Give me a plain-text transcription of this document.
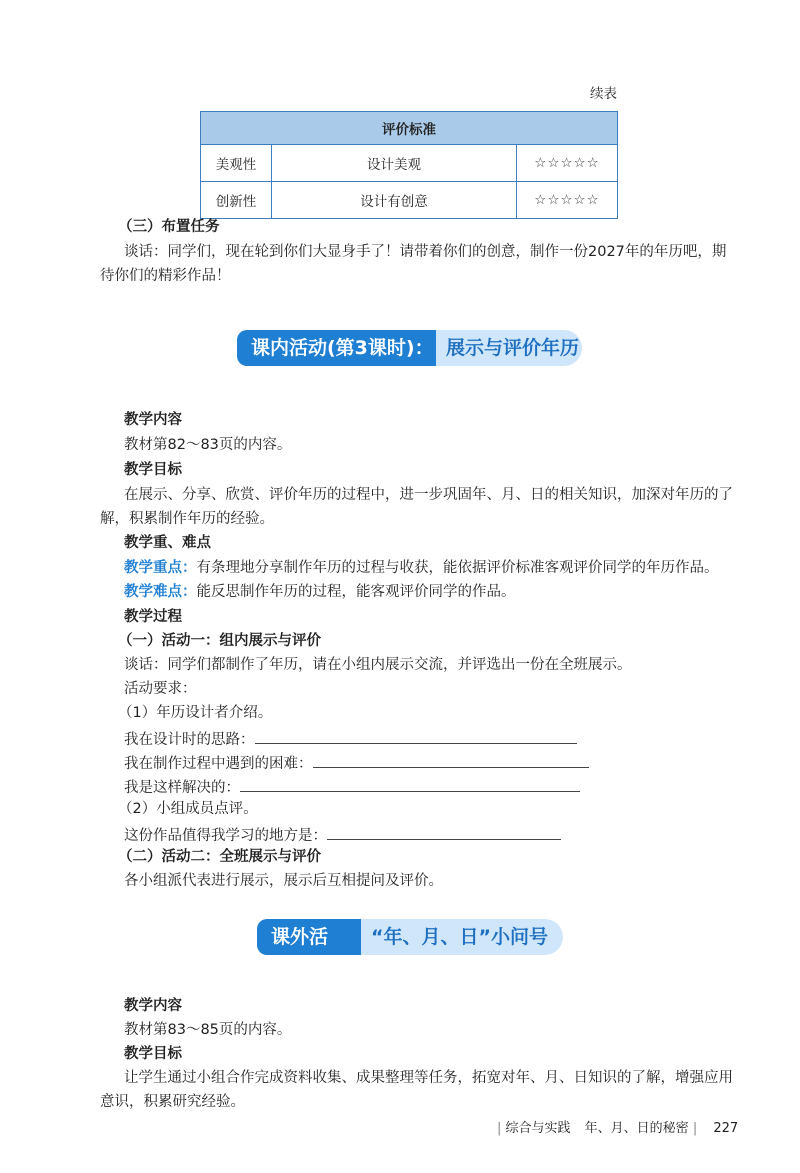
续表
评价标准		
美观性	设计美观	☆☆☆☆☆
创新性	设计有创意	☆☆☆☆☆
（三）布置任务
谈话：同学们，现在轮到你们大显身手了！请带着你们的创意，制作一份2027年的年历吧，期
待你们的精彩作品！
课内活动(第3课时)： 展示与评价年历
教学内容
教材第82～83页的内容。
教学目标
在展示、分享、欣赏、评价年历的过程中，进一步巩固年、月、日的相关知识，加深对年历的了
解，积累制作年历的经验。
教学重、难点
教学重点：有条理地分享制作年历的过程与收获，能依据评价标准客观评价同学的年历作品。
教学难点：能反思制作年历的过程，能客观评价同学的作品。
教学过程
（一）活动一：组内展示与评价
谈话：同学们都制作了年历，请在小组内展示交流，并评选出一份在全班展示。
活动要求：
（1）年历设计者介绍。
我在设计时的思路：
我在制作过程中遇到的困难：
我是这样解决的：
（2）小组成员点评。
这份作品值得我学习的地方是：
（二）活动二：全班展示与评价
各小组派代表进行展示，展示后互相提问及评价。
课外活动：
“年、月、日”小问号
教学内容
教材第83～85页的内容。
教学目标
让学生通过小组合作完成资料收集、成果整理等任务，拓宽对年、月、日知识的了解，增强应用
意识，积累研究经验。
| 综合与实践 年、月、日的秘密 | 227
